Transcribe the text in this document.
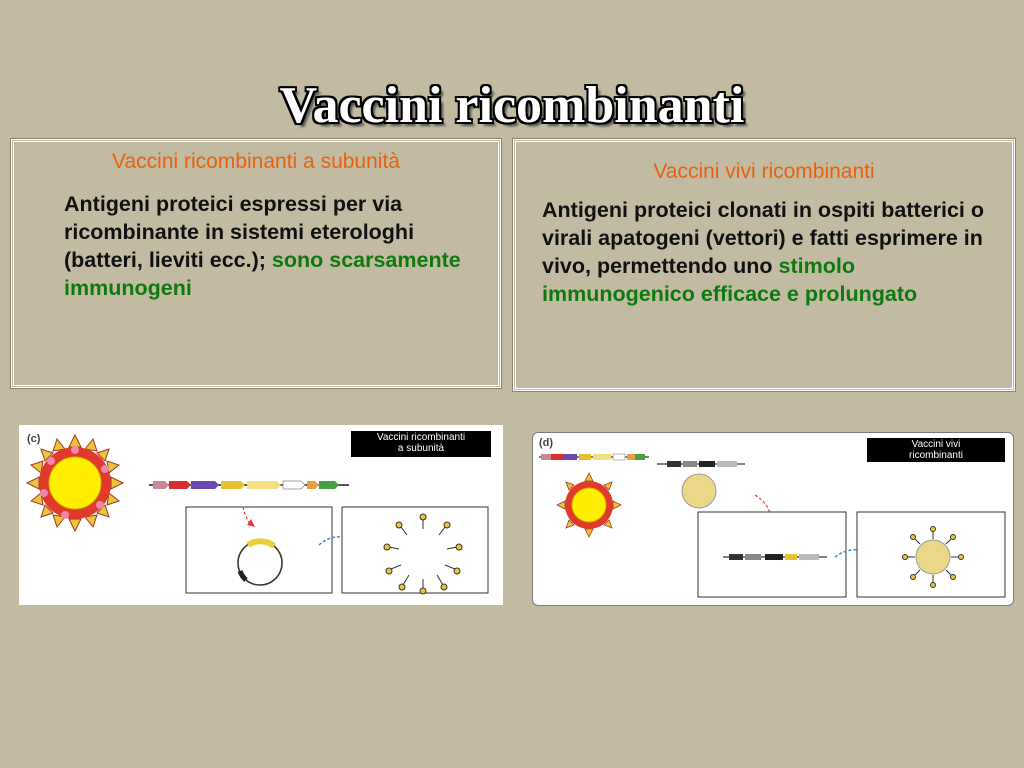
Vaccini ricombinanti
Vaccini ricombinanti a subunità
Antigeni proteici espressi per via ricombinante in sistemi eterologhi (batteri, lieviti ecc.); sono scarsamente immunogeni
Vaccini vivi ricombinanti
Antigeni proteici clonati in ospiti batterici o virali apatogeni (vettori) e fatti esprimere in vivo, permettendo uno stimolo immunogenico efficace e prolungato
(c)	Vaccini ricombinanti
a subunità	(d)	Vaccini vivi
ricombinanti
